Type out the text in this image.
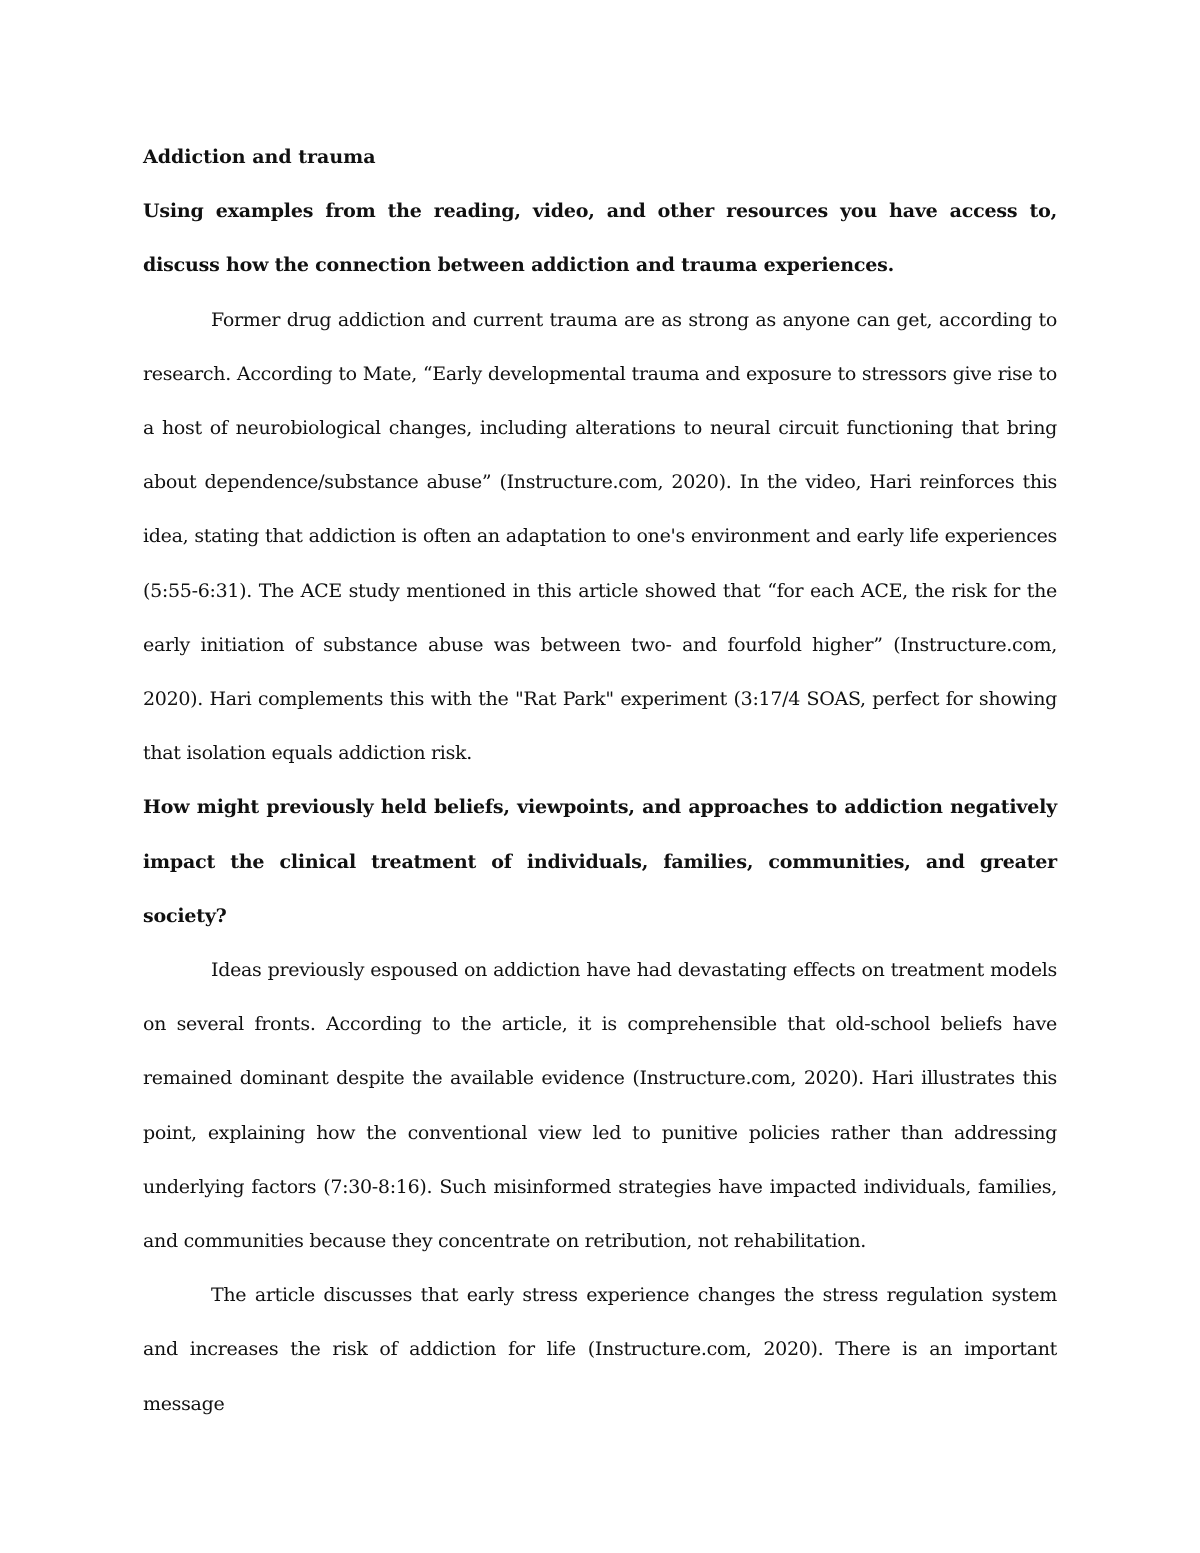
Addiction and trauma

Using examples from the reading, video, and other resources you have access to, discuss how the connection between addiction and trauma experiences.

Former drug addiction and current trauma are as strong as anyone can get, according to research. According to Mate, “Early developmental trauma and exposure to stressors give rise to a host of neurobiological changes, including alterations to neural circuit functioning that bring about dependence/substance abuse” (Instructure.com, 2020). In the video, Hari reinforces this idea, stating that addiction is often an adaptation to one's environment and early life experiences (5:55-6:31). The ACE study mentioned in this article showed that “for each ACE, the risk for the early initiation of substance abuse was between two- and fourfold higher” (Instructure.com, 2020). Hari complements this with the "Rat Park" experiment (3:17/4 SOAS, perfect for showing that isolation equals addiction risk.

How might previously held beliefs, viewpoints, and approaches to addiction negatively impact the clinical treatment of individuals, families, communities, and greater society?

Ideas previously espoused on addiction have had devastating effects on treatment models on several fronts. According to the article, it is comprehensible that old-school beliefs have remained dominant despite the available evidence (Instructure.com, 2020). Hari illustrates this point, explaining how the conventional view led to punitive policies rather than addressing underlying factors (7:30-8:16). Such misinformed strategies have impacted individuals, families, and communities because they concentrate on retribution, not rehabilitation.

The article discusses that early stress experience changes the stress regulation system and increases the risk of addiction for life (Instructure.com, 2020). There is an important message
